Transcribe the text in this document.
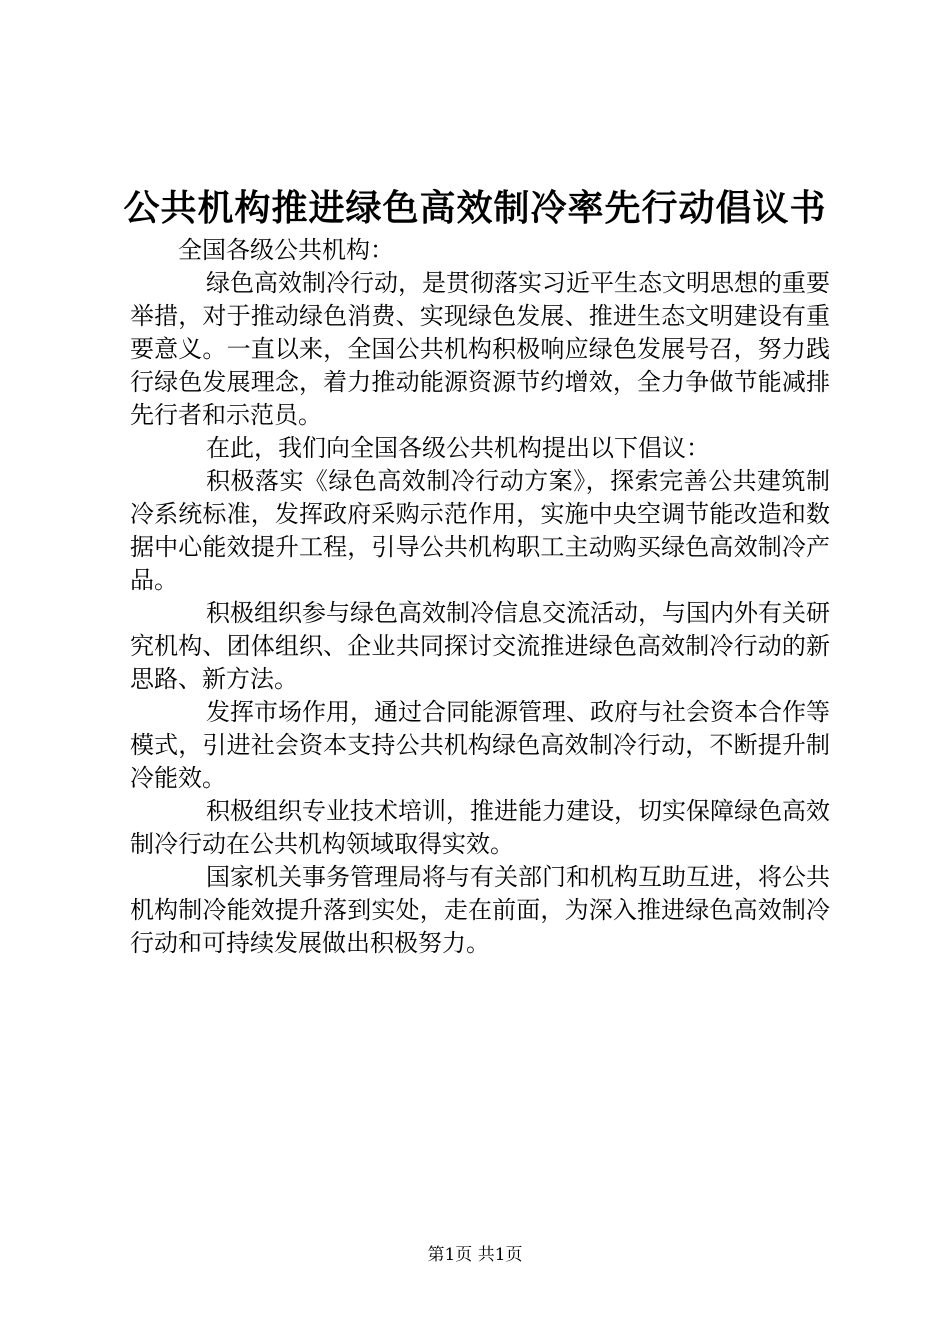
公共机构推进绿色高效制冷率先行动倡议书

全国各级公共机构：

绿色高效制冷行动，是贯彻落实习近平生态文明思想的重要举措，对于推动绿色消费、实现绿色发展、推进生态文明建设有重要意义。一直以来，全国公共机构积极响应绿色发展号召，努力践行绿色发展理念，着力推动能源资源节约增效，全力争做节能减排先行者和示范员。

在此，我们向全国各级公共机构提出以下倡议：

积极落实《绿色高效制冷行动方案》，探索完善公共建筑制冷系统标准，发挥政府采购示范作用，实施中央空调节能改造和数据中心能效提升工程，引导公共机构职工主动购买绿色高效制冷产品。

积极组织参与绿色高效制冷信息交流活动，与国内外有关研究机构、团体组织、企业共同探讨交流推进绿色高效制冷行动的新思路、新方法。

发挥市场作用，通过合同能源管理、政府与社会资本合作等模式，引进社会资本支持公共机构绿色高效制冷行动，不断提升制冷能效。

积极组织专业技术培训，推进能力建设，切实保障绿色高效制冷行动在公共机构领域取得实效。

国家机关事务管理局将与有关部门和机构互助互进，将公共机构制冷能效提升落到实处，走在前面，为深入推进绿色高效制冷行动和可持续发展做出积极努力。

第1页 共1页
